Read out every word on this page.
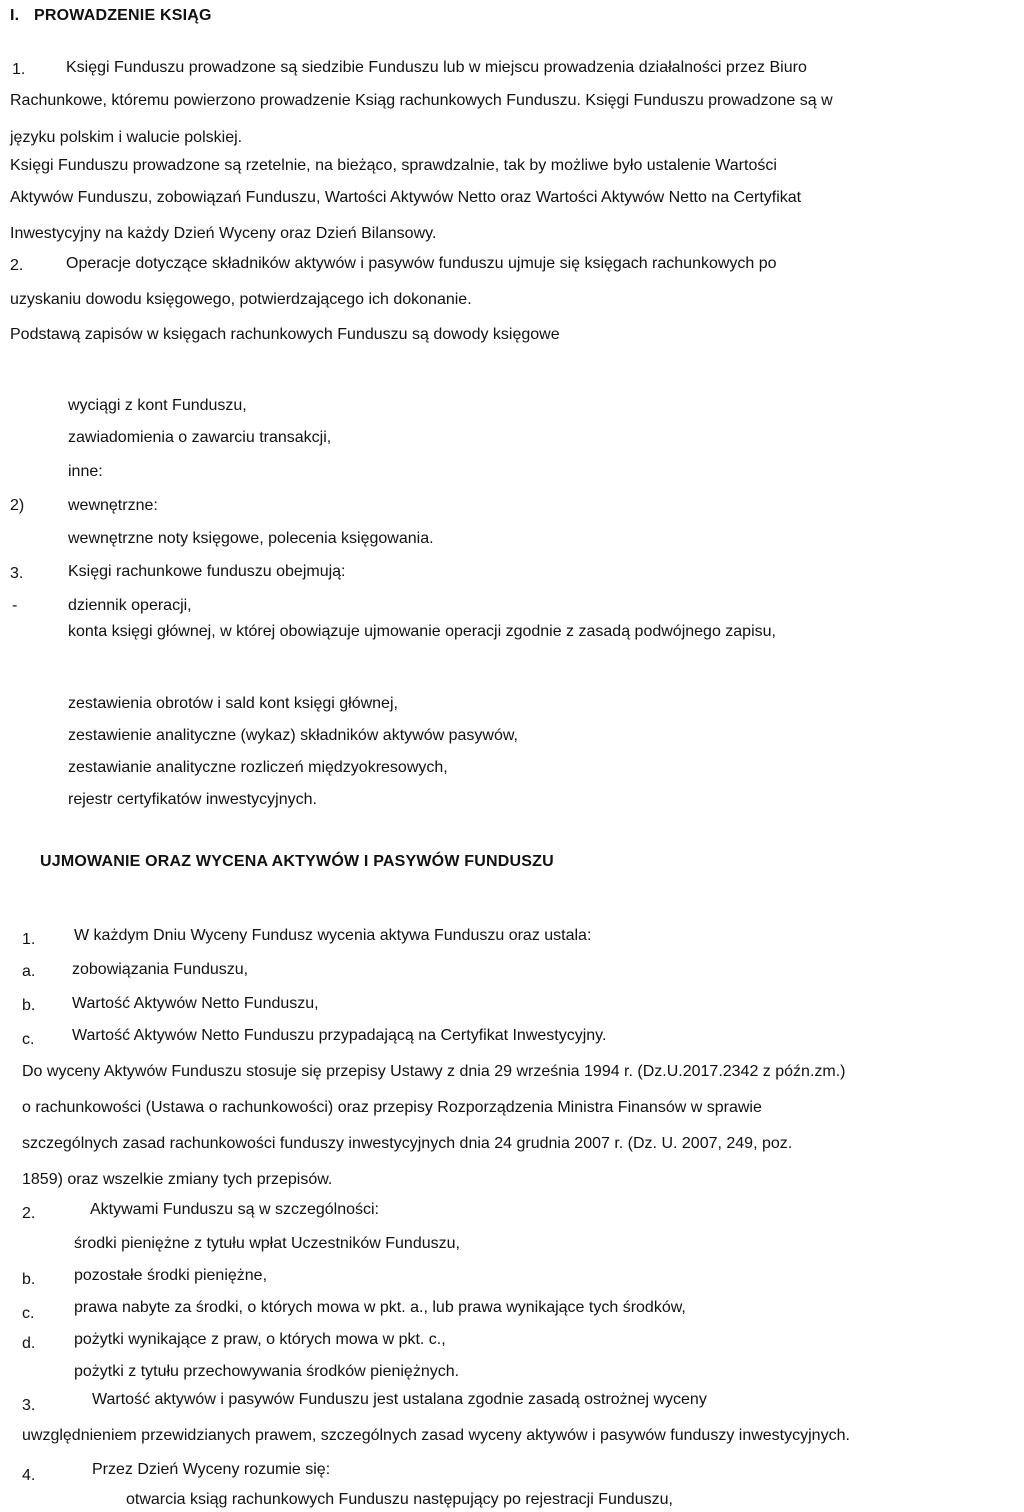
I. PROWADZENIE KSIĄG
1.	Księgi Funduszu prowadzone są siedzibie Funduszu lub w miejscu prowadzenia działalności przez Biuro
Rachunkowe, któremu powierzono prowadzenie Ksiąg rachunkowych Funduszu. Księgi Funduszu prowadzone są w
języku polskim i walucie polskiej.
Księgi Funduszu prowadzone są rzetelnie, na bieżąco, sprawdzalnie, tak by możliwe było ustalenie Wartości
Aktywów Funduszu, zobowiązań Funduszu, Wartości Aktywów Netto oraz Wartości Aktywów Netto na Certyfikat
Inwestycyjny na każdy Dzień Wyceny oraz Dzień Bilansowy.
2.	Operacje dotyczące składników aktywów i pasywów funduszu ujmuje się księgach rachunkowych po
uzyskaniu dowodu księgowego, potwierdzającego ich dokonanie.
Podstawą zapisów w księgach rachunkowych Funduszu są dowody księgowe
wyciągi z kont Funduszu,
zawiadomienia o zawarciu transakcji,
inne:
2)	wewnętrzne:
wewnętrzne noty księgowe, polecenia księgowania.
3.	Księgi rachunkowe funduszu obejmują:
-	dziennik operacji,
konta księgi głównej, w której obowiązuje ujmowanie operacji zgodnie z zasadą podwójnego zapisu,
zestawienia obrotów i sald kont księgi głównej,
zestawienie analityczne (wykaz) składników aktywów pasywów,
zestawianie analityczne rozliczeń międzyokresowych,
rejestr certyfikatów inwestycyjnych.
UJMOWANIE ORAZ WYCENA AKTYWÓW I PASYWÓW FUNDUSZU
1. W każdym Dniu Wyceny Fundusz wycenia aktywa Funduszu oraz ustala:
a. zobowiązania Funduszu,
b. Wartość Aktywów Netto Funduszu,
c. Wartość Aktywów Netto Funduszu przypadającą na Certyfikat Inwestycyjny.
Do wyceny Aktywów Funduszu stosuje się przepisy Ustawy z dnia 29 września 1994 r. (Dz.U.2017.2342 z późn.zm.)
o rachunkowości (Ustawa o rachunkowości) oraz przepisy Rozporządzenia Ministra Finansów w sprawie
szczególnych zasad rachunkowości funduszy inwestycyjnych dnia 24 grudnia 2007 r. (Dz. U. 2007, 249, poz.
1859) oraz wszelkie zmiany tych przepisów.
2.	Aktywami Funduszu są w szczególności:
środki pieniężne z tytułu wpłat Uczestników Funduszu,
b. pozostałe środki pieniężne,
c. prawa nabyte za środki, o których mowa w pkt. a., lub prawa wynikające tych środków,
d. pożytki wynikające z praw, o których mowa w pkt. c.,
pożytki z tytułu przechowywania środków pieniężnych.
3.	Wartość aktywów i pasywów Funduszu jest ustalana zgodnie zasadą ostrożnej wyceny
uwzględnieniem przewidzianych prawem, szczególnych zasad wyceny aktywów i pasywów funduszy inwestycyjnych.
4.	Przez Dzień Wyceny rozumie się:
otwarcia ksiąg rachunkowych Funduszu następujący po rejestracji Funduszu,
